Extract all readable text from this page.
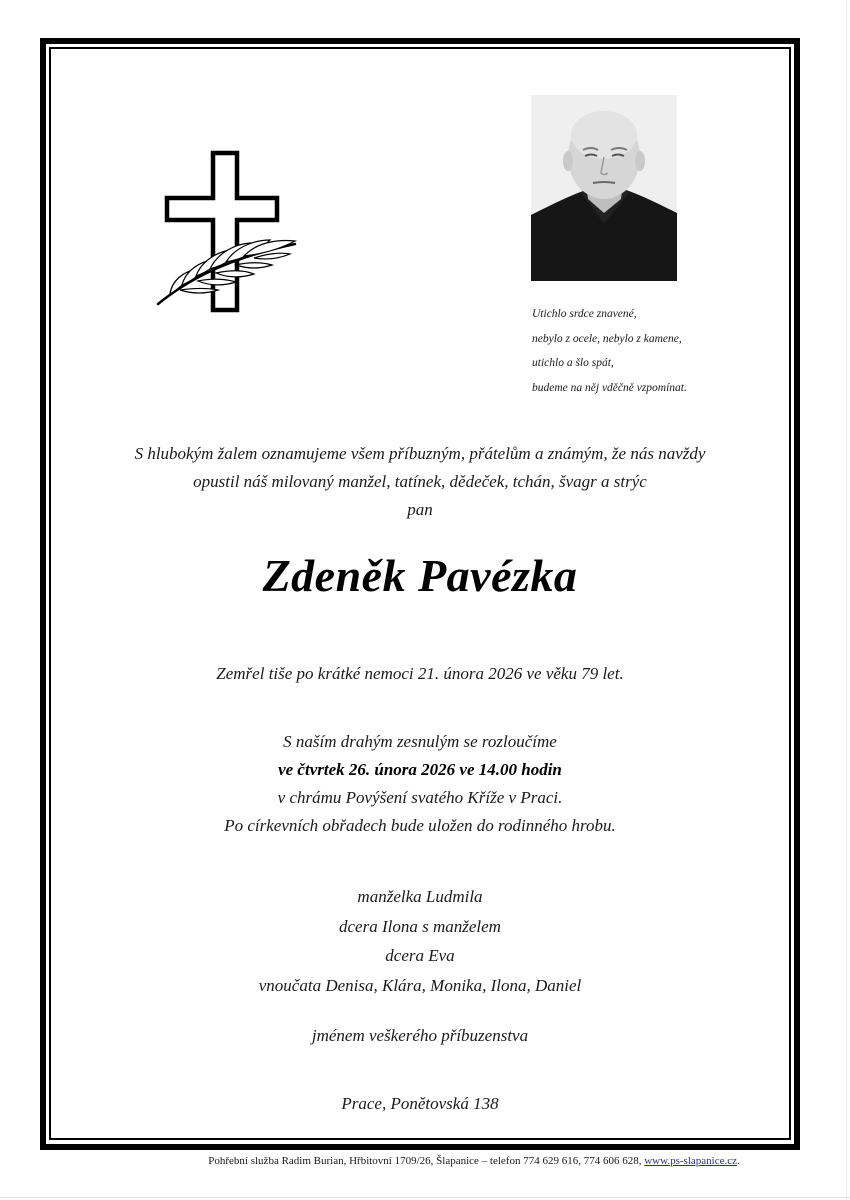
Utichlo srdce znavené,
nebylo z ocele, nebylo z kamene,
utichlo a šlo spát,
budeme na něj vděčně vzpomínat.
S hlubokým žalem oznamujeme všem příbuzným, přátelům a známým, že nás navždy
opustil náš milovaný manžel, tatínek, dědeček, tchán, švagr a strýc
pan
Zdeněk Pavézka
Zemřel tiše po krátké nemoci 21. února 2026 ve věku 79 let.
S naším drahým zesnulým se rozloučíme
ve čtvrtek 26. února 2026 ve 14.00 hodin
v chrámu Povýšení svatého Kříže v Praci.
Po církevních obřadech bude uložen do rodinného hrobu.
manželka Ludmila
dcera Ilona s manželem
dcera Eva
vnoučata Denisa, Klára, Monika, Ilona, Daniel
jménem veškerého příbuzenstva
Prace, Ponětovská 138
Pohřební služba Radim Burian, Hřbitovní 1709/26, Šlapanice – telefon 774 629 616, 774 606 628, www.ps-slapanice.cz.
